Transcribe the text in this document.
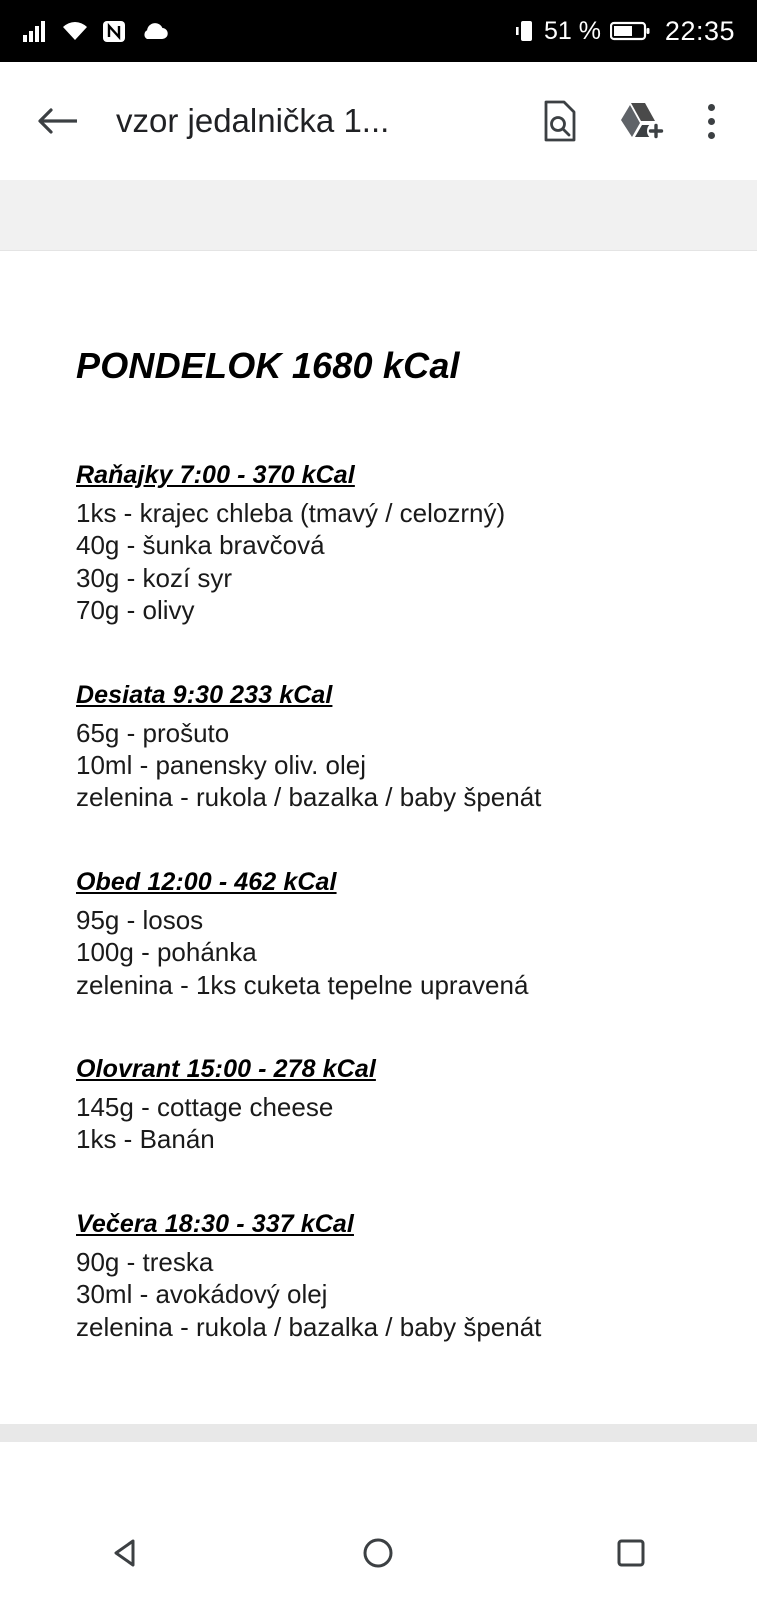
51 % 22:35
vzor jedalnička 1...
PONDELOK 1680 kCal
Raňajky 7:00 - 370 kCal

1ks - krajec chleba (tmavý / celozrný)

40g - šunka bravčová

30g - kozí syr

70g - olivy

Desiata 9:30 233 kCal

65g - prošuto

10ml - panensky oliv. olej

zelenina - rukola / bazalka / baby špenát

Obed 12:00 - 462 kCal

95g - losos

100g - pohánka

zelenina - 1ks cuketa tepelne upravená

Olovrant 15:00 - 278 kCal

145g - cottage cheese

1ks - Banán

Večera 18:30 - 337 kCal

90g - treska

30ml - avokádový olej

zelenina - rukola / bazalka / baby špenát
